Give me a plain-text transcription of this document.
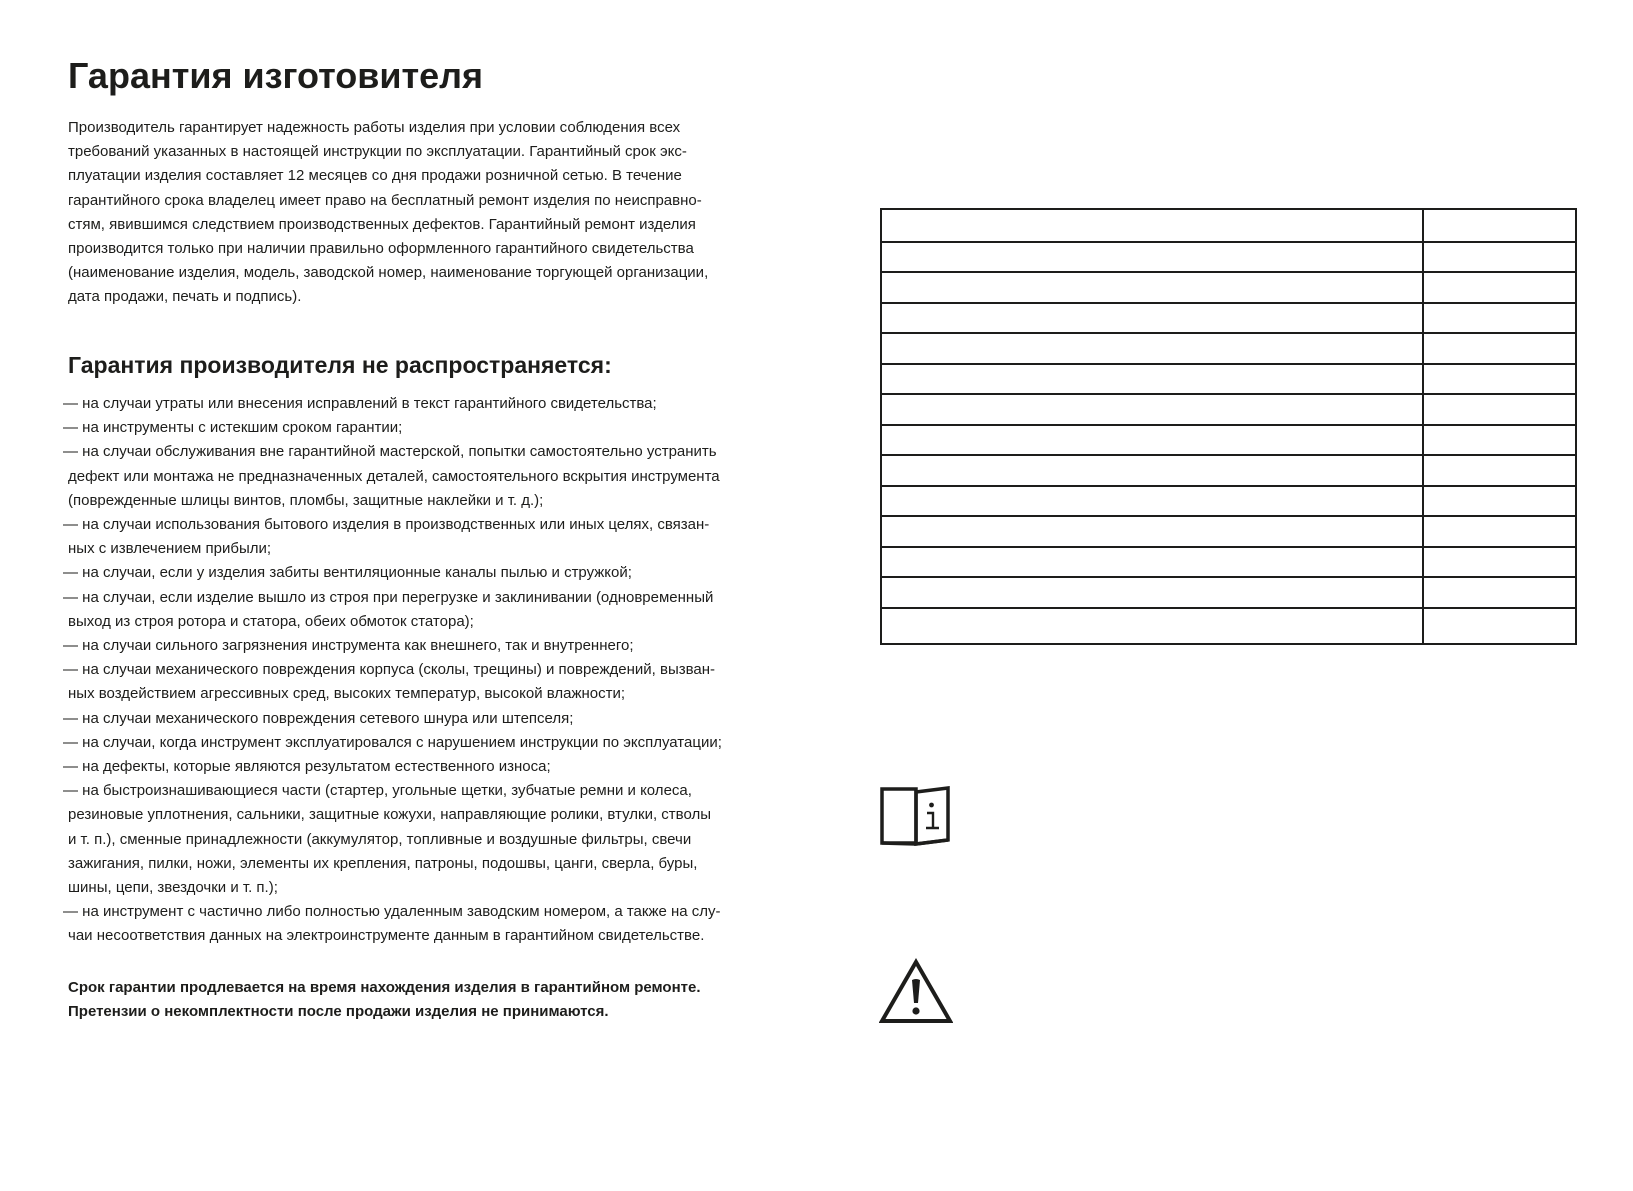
Гарантия изготовителя
Производитель гарантирует надежность работы изделия при условии соблюдения всех
требований указанных в настоящей инструкции по эксплуатации. Гарантийный срок экс-
плуатации изделия составляет 12 месяцев со дня продажи розничной сетью. В течение
гарантийного срока владелец имеет право на бесплатный ремонт изделия по неисправно-
стям, явившимся следствием производственных дефектов. Гарантийный ремонт изделия
производится только при наличии правильно оформленного гарантийного свидетельства
(наименование изделия, модель, заводской номер, наименование торгующей организации,
дата продажи, печать и подпись).
Гарантия производителя не распространяется:
— на случаи утраты или внесения исправлений в текст гарантийного свидетельства;
— на инструменты с истекшим сроком гарантии;
— на случаи обслуживания вне гарантийной мастерской, попытки самостоятельно устранить
дефект или монтажа не предназначенных деталей, самостоятельного вскрытия инструмента
(поврежденные шлицы винтов, пломбы, защитные наклейки и т. д.);
— на случаи использования бытового изделия в производственных или иных целях, связан-
ных с извлечением прибыли;
— на случаи, если у изделия забиты вентиляционные каналы пылью и стружкой;
— на случаи, если изделие вышло из строя при перегрузке и заклинивании (одновременный
выход из строя ротора и статора, обеих обмоток статора);
— на случаи сильного загрязнения инструмента как внешнего, так и внутреннего;
— на случаи механического повреждения корпуса (сколы, трещины) и повреждений, вызван-
ных воздействием агрессивных сред, высоких температур, высокой влажности;
— на случаи механического повреждения сетевого шнура или штепселя;
— на случаи, когда инструмент эксплуатировался с нарушением инструкции по эксплуатации;
— на дефекты, которые являются результатом естественного износа;
— на быстроизнашивающиеся части (стартер, угольные щетки, зубчатые ремни и колеса,
резиновые уплотнения, сальники, защитные кожухи, направляющие ролики, втулки, стволы
и т. п.), сменные принадлежности (аккумулятор, топливные и воздушные фильтры, свечи
зажигания, пилки, ножи, элементы их крепления, патроны, подошвы, цанги, сверла, буры,
шины, цепи, звездочки и т. п.);
— на инструмент с частично либо полностью удаленным заводским номером, а также на слу-
чаи несоответствия данных на электроинструменте данным в гарантийном свидетельстве.
Срок гарантии продлевается на время нахождения изделия в гарантийном ремонте.
Претензии о некомплектности после продажи изделия не принимаются.
